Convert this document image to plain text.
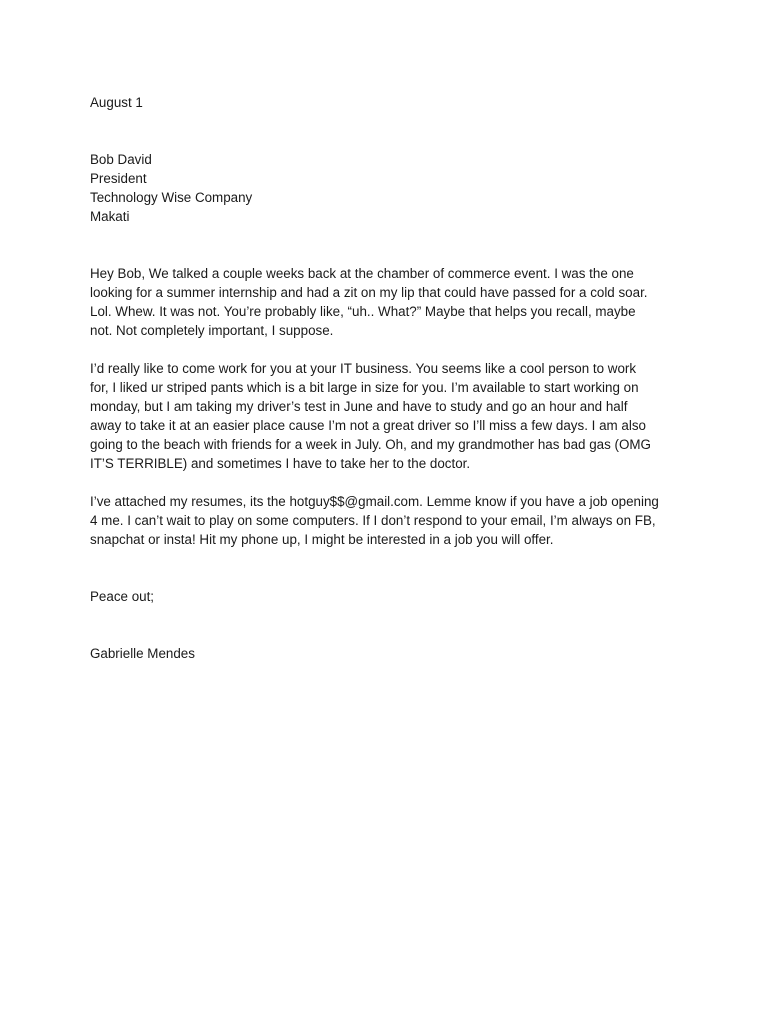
August 1
Bob David
President
Technology Wise Company
Makati
Hey Bob, We talked a couple weeks back at the chamber of commerce event. I was the one
looking for a summer internship and had a zit on my lip that could have passed for a cold soar.
Lol. Whew. It was not. You’re probably like, “uh.. What?” Maybe that helps you recall, maybe
not. Not completely important, I suppose.
I’d really like to come work for you at your IT business. You seems like a cool person to work
for, I liked ur striped pants which is a bit large in size for you. I’m available to start working on
monday, but I am taking my driver’s test in June and have to study and go an hour and half
away to take it at an easier place cause I’m not a great driver so I’ll miss a few days. I am also
going to the beach with friends for a week in July. Oh, and my grandmother has bad gas (OMG
IT’S TERRIBLE) and sometimes I have to take her to the doctor.
I’ve attached my resumes, its the hotguy$$@gmail.com. Lemme know if you have a job opening
4 me. I can’t wait to play on some computers. If I don’t respond to your email, I’m always on FB,
snapchat or insta! Hit my phone up, I might be interested in a job you will offer.
Peace out;
Gabrielle Mendes
